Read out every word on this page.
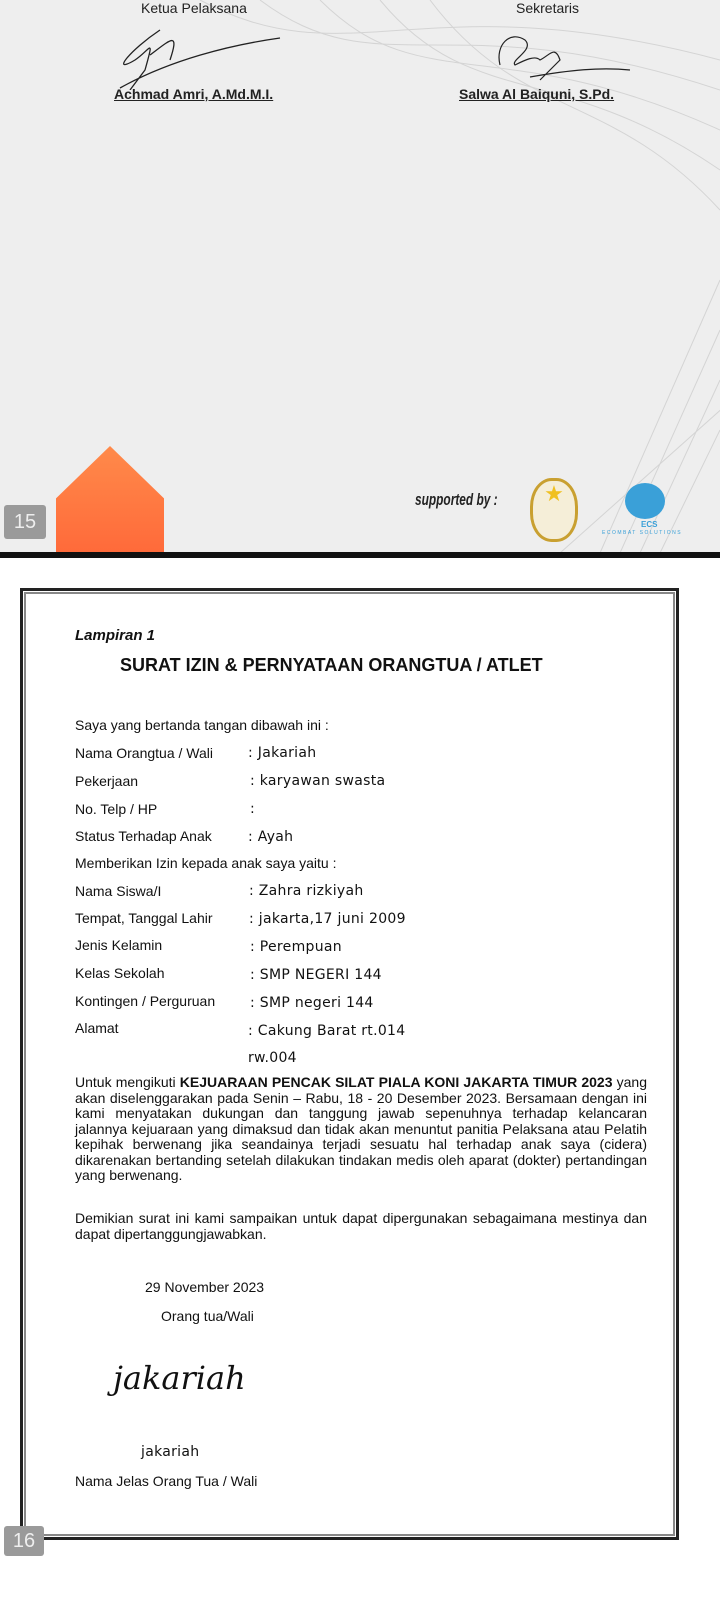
Ketua Pelaksana	Sekretaris
Achmad Amri, A.Md.M.I.	Salwa Al Baiquni, S.Pd.
15
supported by :	★
ECS
ECOMBAT SOLUTIONS
Lampiran 1
SURAT IZIN & PERNYATAAN ORANGTUA / ATLET
Saya yang bertanda tangan dibawah ini :
Nama Orangtua / Wali	: Jakariah
Pekerjaan	: karyawan swasta
No. Telp / HP	:
Status Terhadap Anak	: Ayah
Memberikan Izin kepada anak saya yaitu :
Nama Siswa/I	: Zahra rizkiyah
Tempat, Tanggal Lahir	: jakarta,17 juni 2009
Jenis Kelamin	: Perempuan
Kelas Sekolah	: SMP NEGERI 144
Kontingen / Perguruan : SMP negeri 144
Alamat	: Cakung Barat rt.014
rw.004
Untuk mengikuti KEJUARAAN PENCAK SILAT PIALA KONI JAKARTA TIMUR 2023 yang akan diselenggarakan pada Senin – Rabu, 18 - 20 Desember 2023. Bersamaan dengan ini kami menyatakan dukungan dan tanggung jawab sepenuhnya terhadap kelancaran jalannya kejuaraan yang dimaksud dan tidak akan menuntut panitia Pelaksana atau Pelatih kepihak berwenang jika seandainya terjadi sesuatu hal terhadap anak saya (cidera) dikarenakan bertanding setelah dilakukan tindakan medis oleh aparat (dokter) pertandingan yang berwenang.
Demikian surat ini kami sampaikan untuk dapat dipergunakan sebagaimana mestinya dan dapat dipertanggungjawabkan.
29 November 2023
Orang tua/Wali
jakariah
jakariah
Nama Jelas Orang Tua / Wali
16
